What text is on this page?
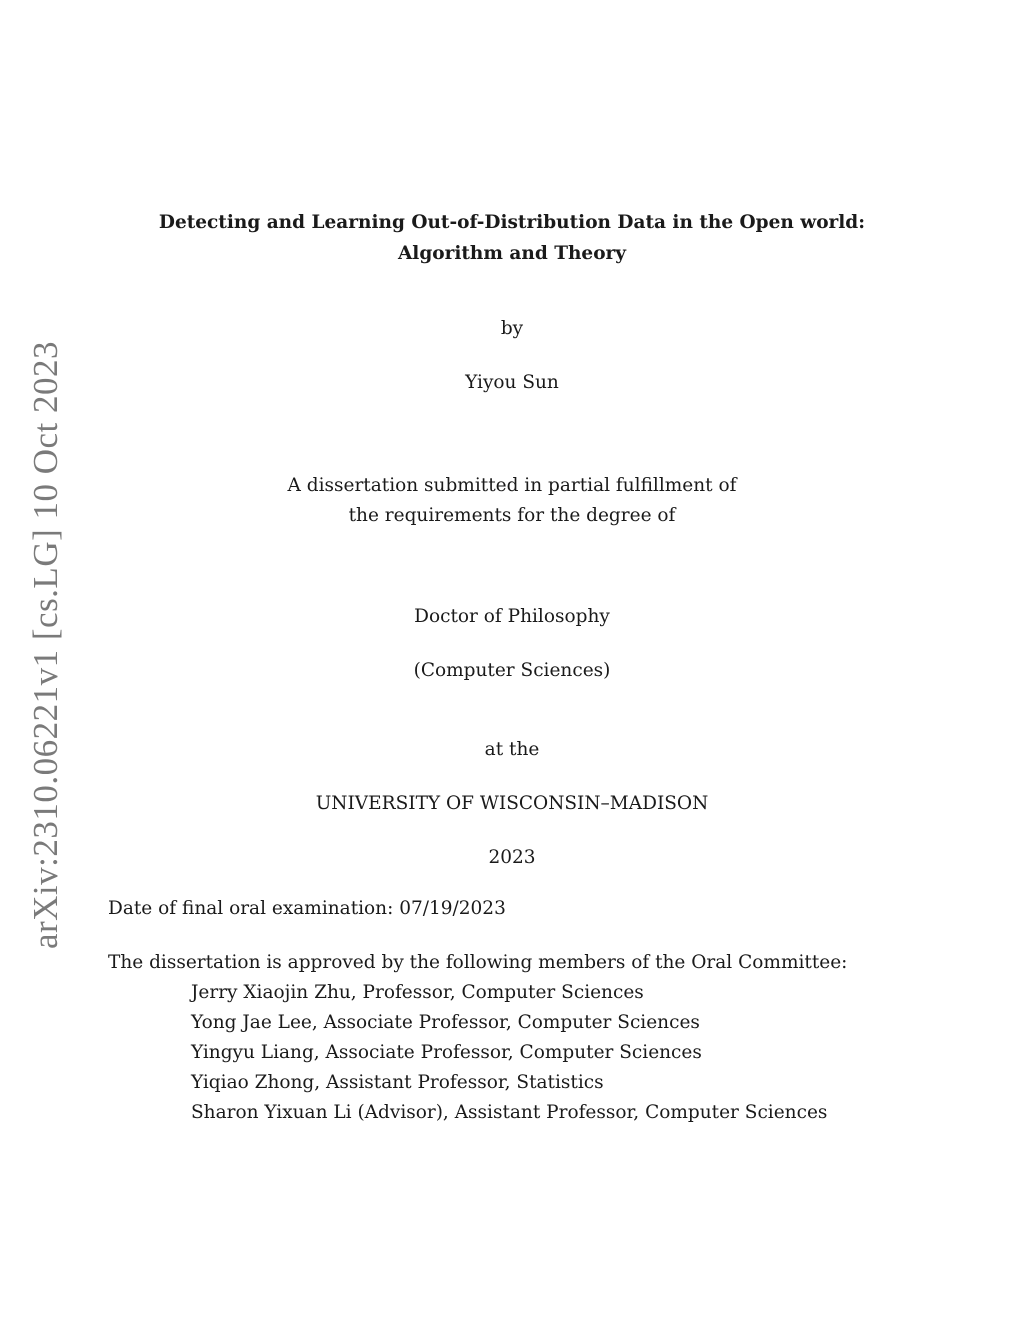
arXiv:2310.06221v1 [cs.LG] 10 Oct 2023
Detecting and Learning Out-of-Distribution Data in the Open world:
Algorithm and Theory
by
Yiyou Sun
A dissertation submitted in partial fulfillment of
the requirements for the degree of
Doctor of Philosophy
(Computer Sciences)
at the
UNIVERSITY OF WISCONSIN–MADISON
2023
Date of final oral examination: 07/19/2023
The dissertation is approved by the following members of the Oral Committee:
Jerry Xiaojin Zhu, Professor, Computer Sciences
Yong Jae Lee, Associate Professor, Computer Sciences
Yingyu Liang, Associate Professor, Computer Sciences
Yiqiao Zhong, Assistant Professor, Statistics
Sharon Yixuan Li (Advisor), Assistant Professor, Computer Sciences
